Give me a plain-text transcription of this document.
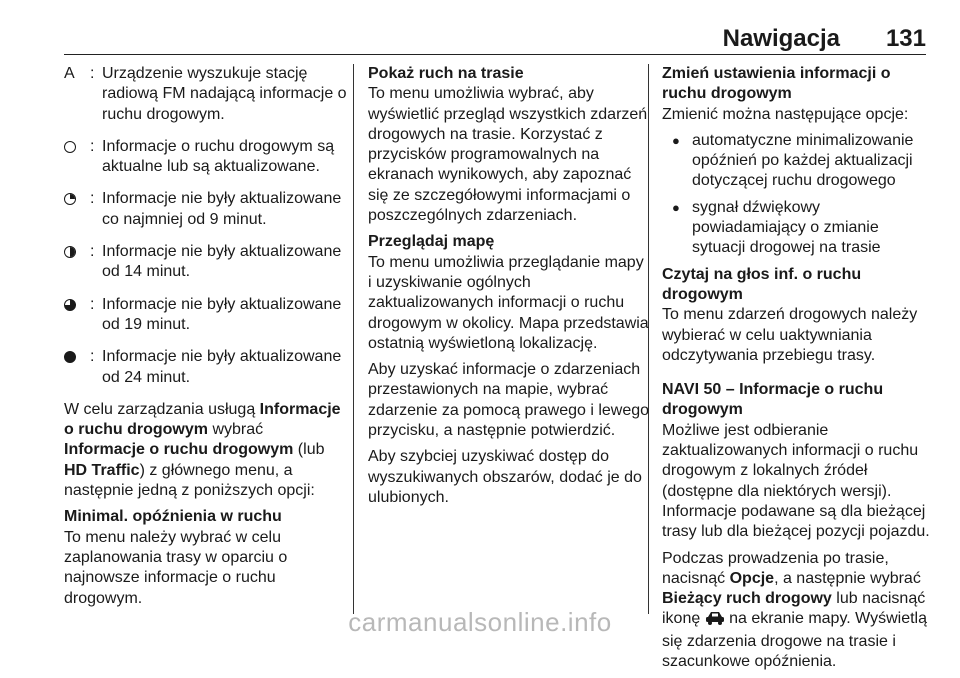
Nawigacja 131
A : Urządzenie wyszukuje stację radiową FM nadającą informacje o ruchu drogowym.
: Informacje o ruchu drogowym są aktualne lub są aktualizowane.
: Informacje nie były aktualizowane co najmniej od 9 minut.
: Informacje nie były aktualizowane od 14 minut.
: Informacje nie były aktualizowane od 19 minut.
: Informacje nie były aktualizowane od 24 minut.

W celu zarządzania usługą Informacje o ruchu drogowym wybrać Informacje o ruchu drogowym (lub HD Traffic) z głównego menu, a następnie jedną z poniższych opcji:

Minimal. opóźnienia w ruchu

To menu należy wybrać w celu zaplanowania trasy w oparciu o najnowsze informacje o ruchu drogowym.

Pokaż ruch na trasie

To menu umożliwia wybrać, aby wyświetlić przegląd wszystkich zdarzeń drogowych na trasie. Korzystać z przycisków programowalnych na ekranach wynikowych, aby zapoznać się ze szczegółowymi informacjami o poszczególnych zdarzeniach.

Przeglądaj mapę

To menu umożliwia przeglądanie mapy i uzyskiwanie ogólnych zaktualizowanych informacji o ruchu drogowym w okolicy. Mapa przedstawia ostatnią wyświetloną lokalizację.

Aby uzyskać informacje o zdarzeniach przestawionych na mapie, wybrać zdarzenie za pomocą prawego i lewego przycisku, a następnie potwierdzić.

Aby szybciej uzyskiwać dostęp do wyszukiwanych obszarów, dodać je do ulubionych.

Zmień ustawienia informacji o ruchu drogowym

Zmienić można następujące opcje:

●
automatyczne minimalizowanie opóźnień po każdej aktualizacji dotyczącej ruchu drogowego
●
sygnał dźwiękowy powiadamiający o zmianie sytuacji drogowej na trasie
Czytaj na głos inf. o ruchu drogowym

To menu zdarzeń drogowych należy wybierać w celu uaktywniania odczytywania przebiegu trasy.

NAVI 50 – Informacje o ruchu drogowym

Możliwe jest odbieranie zaktualizowanych informacji o ruchu drogowym z lokalnych źródeł (dostępne dla niektórych wersji). Informacje podawane są dla bieżącej trasy lub dla bieżącej pozycji pojazdu.

Podczas prowadzenia po trasie, nacisnąć Opcje, a następnie wybrać Bieżący ruch drogowy lub nacisnąć ikonę  na ekranie mapy. Wyświetlą się zdarzenia drogowe na trasie i szacunkowe opóźnienia.

carmanualsonline.info
